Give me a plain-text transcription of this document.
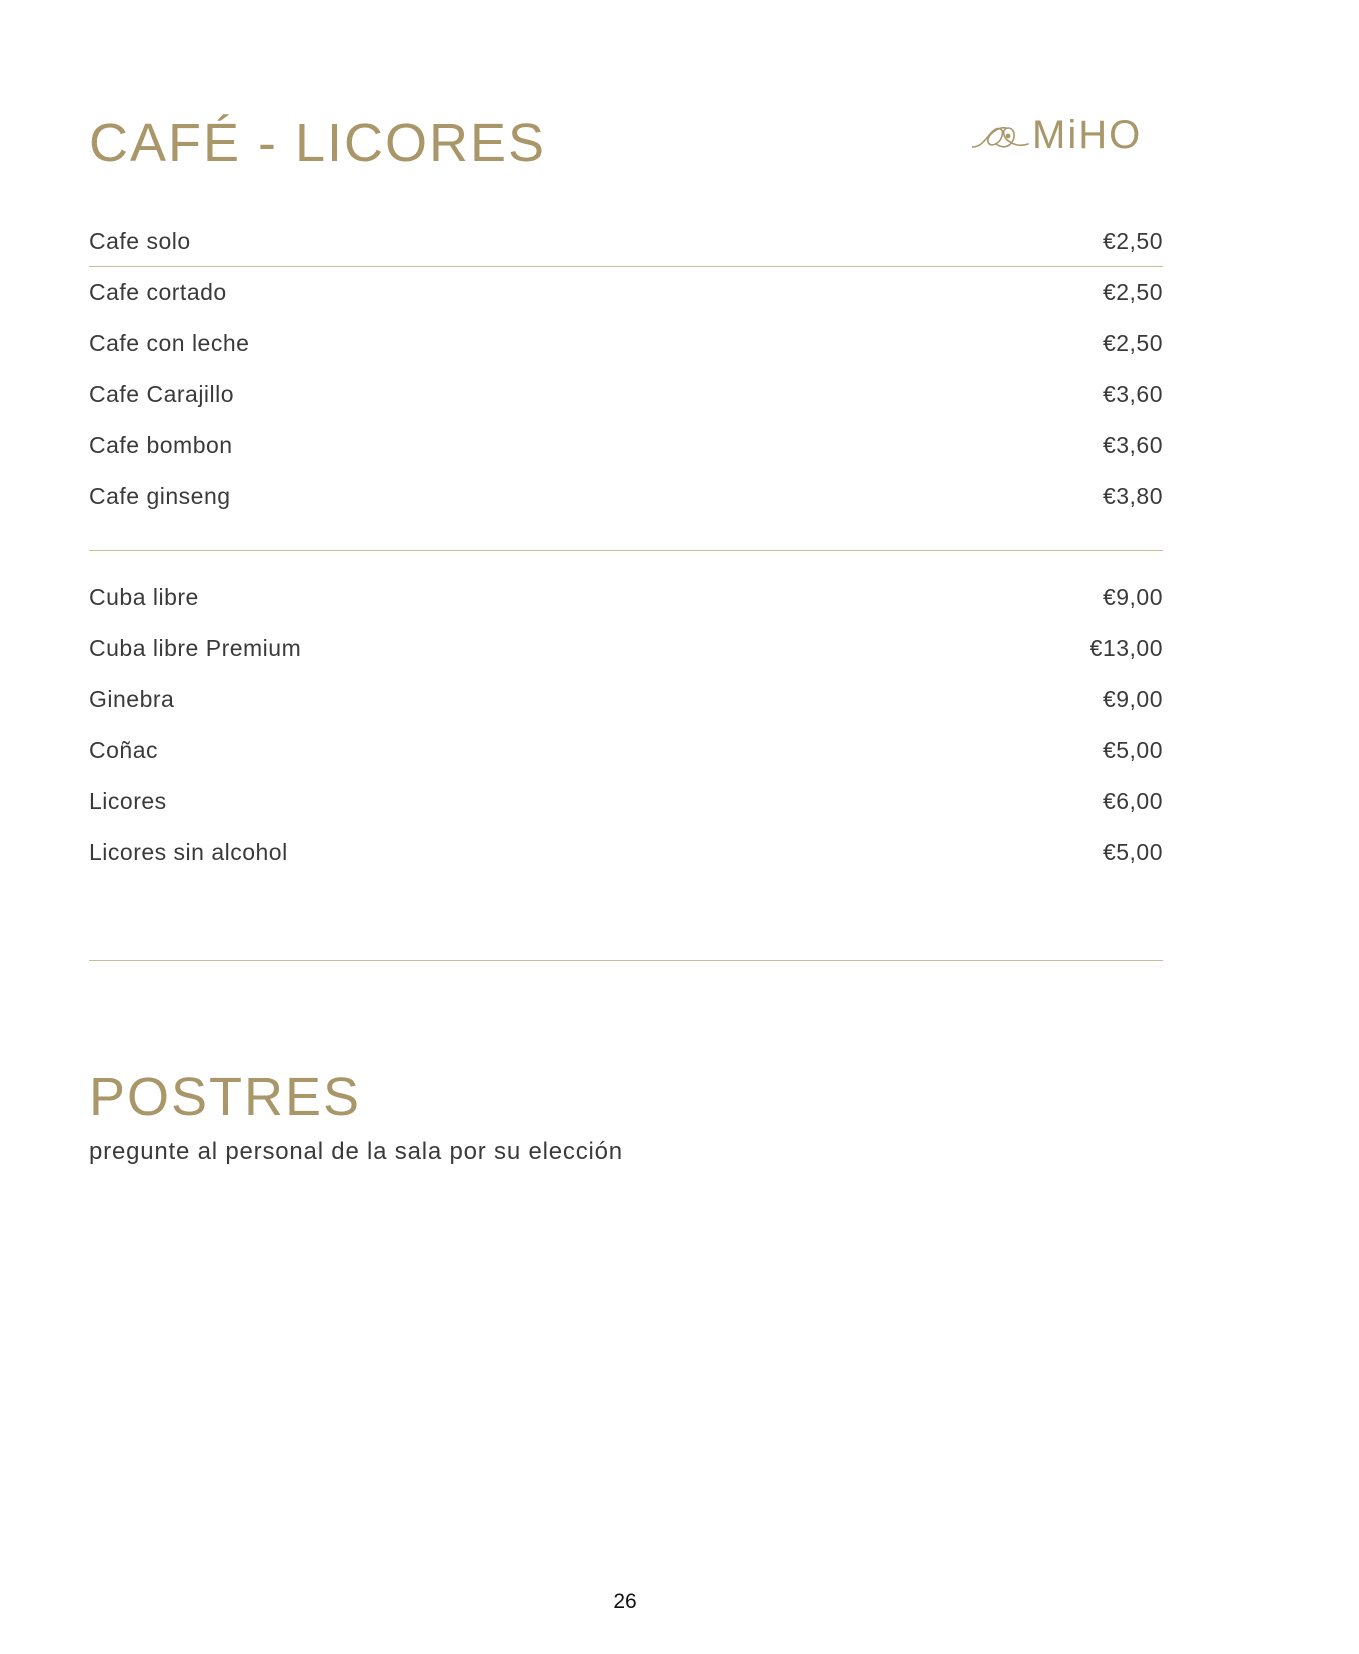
CAFÉ - LICORES	MiHO
Cafe solo	€2,50
Cafe cortado	€2,50
Cafe con leche	€2,50
Cafe Carajillo	€3,60
Cafe bombon	€3,60
Cafe ginseng	€3,80
Cuba libre	€9,00
Cuba libre Premium	€13,00
Ginebra	€9,00
Coñac	€5,00
Licores	€6,00
Licores sin alcohol	€5,00
POSTRES
pregunte al personal de la sala por su elección
26
